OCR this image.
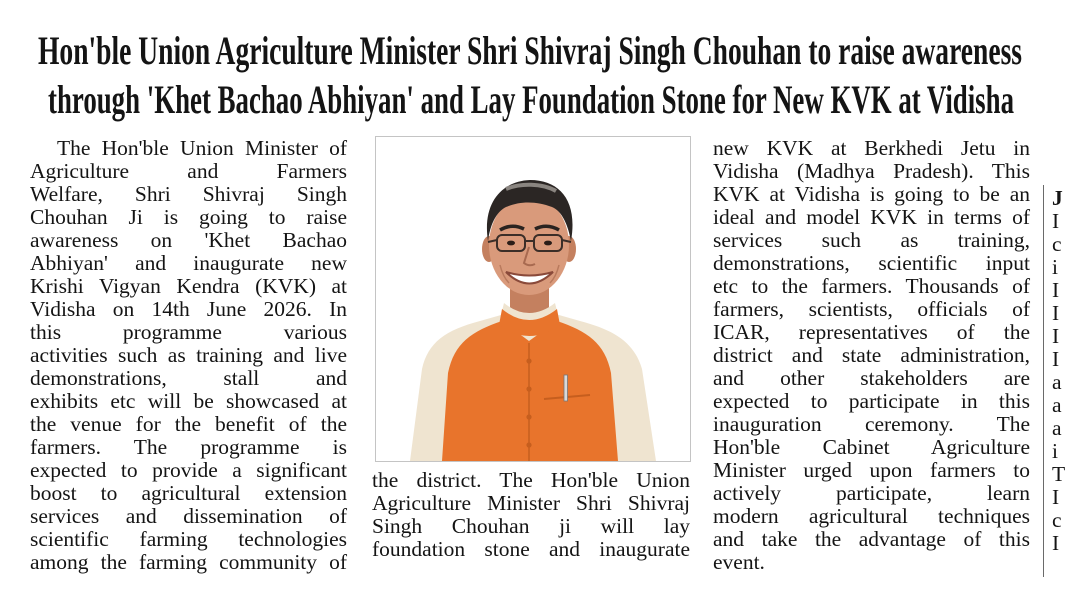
Hon'ble Union Agriculture Minister Shri Shivraj Singh Chouhan to raise awareness
through 'Khet Bachao Abhiyan' and Lay Foundation Stone for New KVK at Vidisha
The Hon'ble Union Minister of
Agriculture and Farmers
Welfare, Shri Shivraj Singh
Chouhan Ji is going to raise
awareness on 'Khet Bachao
Abhiyan' and inaugurate new
Krishi Vigyan Kendra (KVK) at
Vidisha on 14th June 2026. In
this programme various
activities such as training and live
demonstrations, stall and
exhibits etc will be showcased at
the venue for the benefit of the
farmers. The programme is
expected to provide a significant
boost to agricultural extension
services and dissemination of
scientific farming technologies
among the farming community of
the district. The Hon'ble Union
Agriculture Minister Shri Shivraj
Singh Chouhan ji will lay
foundation stone and inaugurate
new KVK at Berkhedi Jetu in
Vidisha (Madhya Pradesh). This
KVK at Vidisha is going to be an
ideal and model KVK in terms of
services such as training,
demonstrations, scientific input
etc to the farmers. Thousands of
farmers, scientists, officials of
ICAR, representatives of the
district and state administration,
and other stakeholders are
expected to participate in this
inauguration ceremony. The
Hon'ble Cabinet Agriculture
Minister urged upon farmers to
actively participate, learn
modern agricultural techniques
and take the advantage of this
event.
J
I
c
i
I
I
I
I
a
a
a
i
T
I
c
I
